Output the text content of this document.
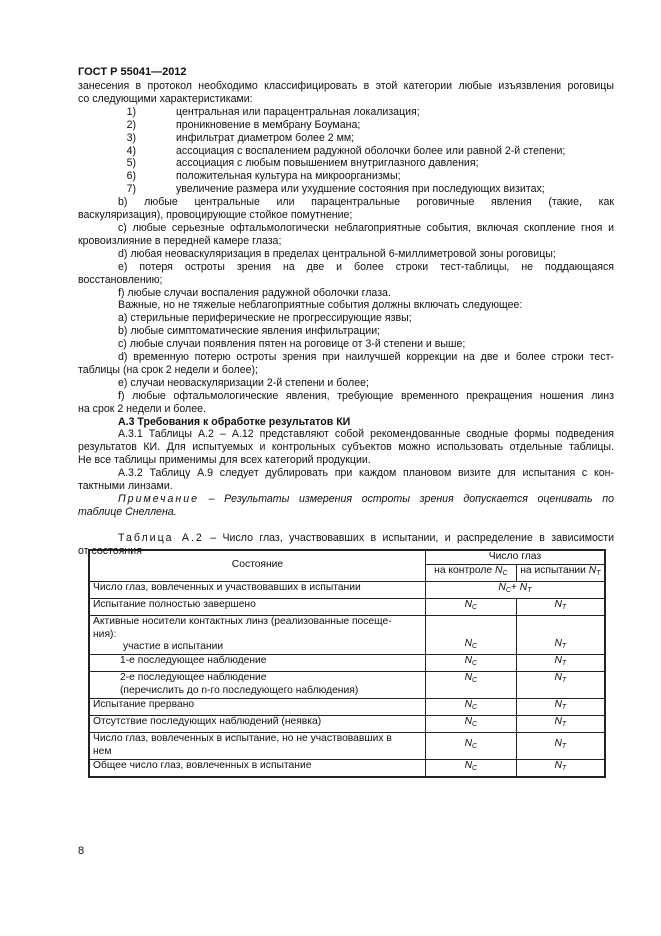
ГОСТ Р 55041—2012

занесения в протокол необходимо классифицировать в этой категории любые изъязвления роговицы

со следующими характеристиками:

1)	центральная или парацентральная локализация;
2)	проникновение в мембрану Боумана;
3)	инфильтрат диаметром более 2 мм;
4)	ассоциация с воспалением радужной оболочки более или равной 2-й степени;
5)	ассоциация с любым повышением внутриглазного давления;
6)	положительная культура на микроорганизмы;
7)	увеличение размера или ухудшение состояния при последующих визитах;

b) любые центральные или парацентральные роговичные явления (такие, как

васкуляризация), провоцирующие стойкое помутнение;

c) любые серьезные офтальмологически неблагоприятные события, включая скопление гноя и

кровоизлияние в передней камере глаза;

d) любая неоваскуляризация в пределах центральной 6-миллиметровой зоны роговицы;

e) потеря остроты зрения на две и более строки тест-таблицы, не поддающаяся

восстановлению;

f) любые случаи воспаления радужной оболочки глаза.

Важные, но не тяжелые неблагоприятные события должны включать следующее:

a) стерильные периферические не прогрессирующие язвы;

b) любые симптоматические явления инфильтрации;

c) любые случаи появления пятен на роговице от 3-й степени и выше;

d) временную потерю остроты зрения при наилучшей коррекции на две и более строки тест-

таблицы (на срок 2 недели и более);

e) случаи неоваскуляризации 2-й степени и более;

f) любые офтальмологические явления, требующие временного прекращения ношения линз

на срок 2 недели и более.

А.3 Требования к обработке результатов КИ

А.3.1 Таблицы А.2 – А.12 представляют собой рекомендованные сводные формы подведения

результатов КИ. Для испытуемых и контрольных субъектов можно использовать отдельные таблицы.

Не все таблицы применимы для всех категорий продукции.

А.3.2 Таблицу А.9 следует дублировать при каждом плановом визите для испытания с кон-

тактными линзами.

Примечание – Результаты измерения остроты зрения допускается оценивать по

таблице Снеллена.

Таблица А.2 – Число глаз, участвовавших в испытании, и распределение в зависимости

от состояния

Состояние	Число глаз	
	на контроле $N_C$	на испытании $N_T$
Число глаз, вовлеченных и участвовавших в испытании	$N_C+ N_T$
Испытание полностью завершено	$N_C$	$N_T$

Активные носители контактных линз (реализованные посеще-
ния):
участие в испытании	$N_C$	$N_T$
1-е последующее наблюдение	$N_C$	$N_T$

2-е последующее наблюдение
(перечислить до n-го последующего наблюдения)	$N_C$	$N_T$
Испытание прервано	$N_C$	$N_T$
Отсутствие последующих наблюдений (неявка)	$N_C$	$N_T$

Число глаз, вовлеченных в испытание, но не участвовавших в
нем	$N_C$	$N_T$
Общее число глаз, вовлеченных в испытание	$N_C$	$N_T$
8
